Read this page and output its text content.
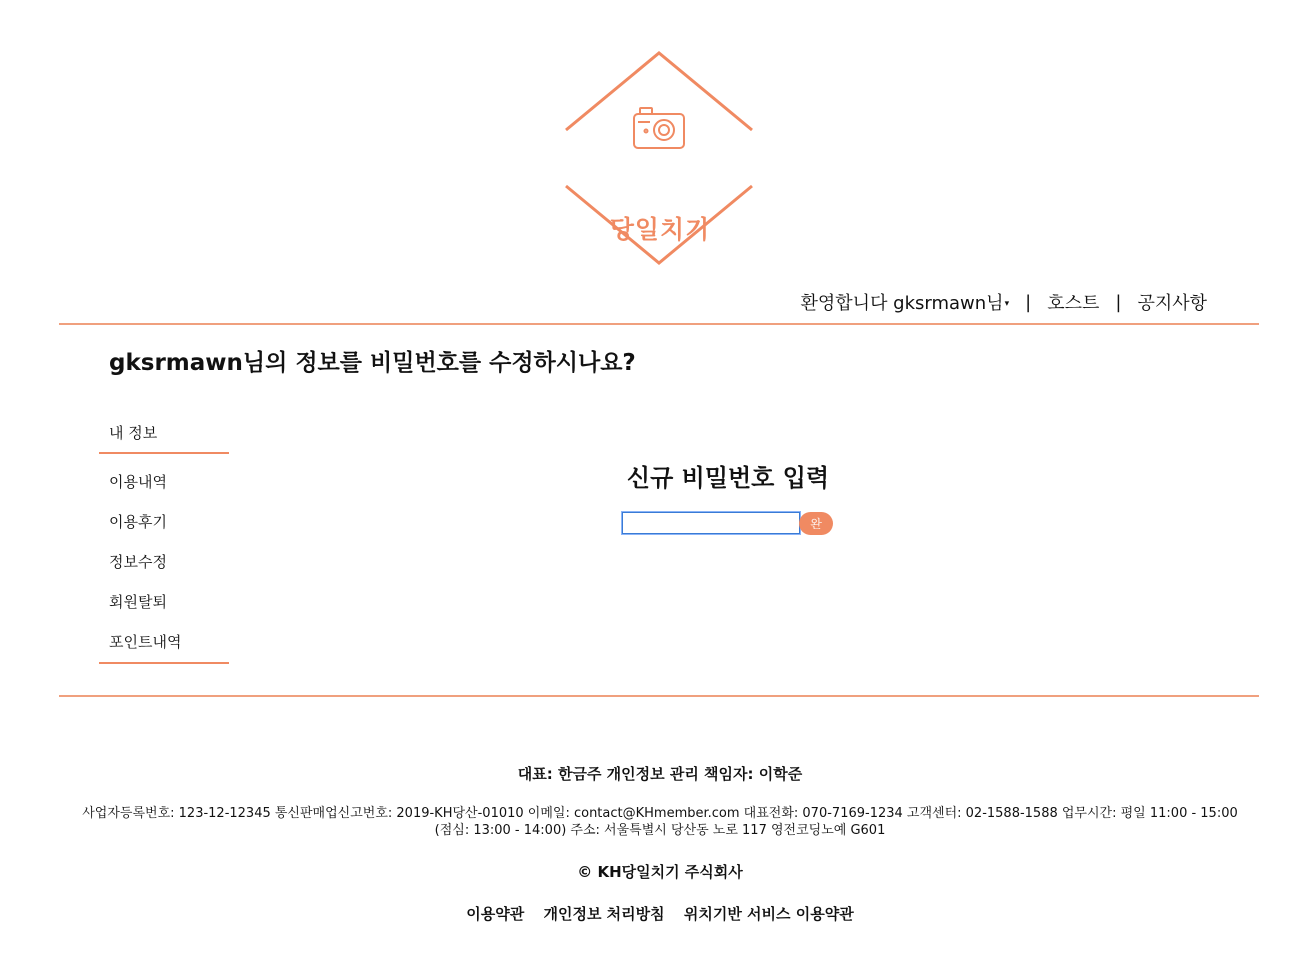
당일치기
환영합니다 gksrmawn님▾ | 호스트 | 공지사항
gksrmawn님의 정보를 비밀번호를 수정하시나요?
내 정보
이용내역
이용후기
정보수정
회원탈퇴
포인트내역
신규 비밀번호 입력
완료
대표: 한금주 개인정보 관리 책임자: 이학준
사업자등록번호: 123-12-12345 통신판매업신고번호: 2019-KH당산-01010 이메일: contact@KHmember.com 대표전화: 070-7169-1234 고객센터: 02-1588-1588 업무시간: 평일 11:00 - 15:00 (점심: 13:00 - 14:00) 주소: 서울특별시 당산동 노로 117 영전코딩노예 G601
© KH당일치기 주식회사
이용약관 개인정보 처리방침 위치기반 서비스 이용약관
